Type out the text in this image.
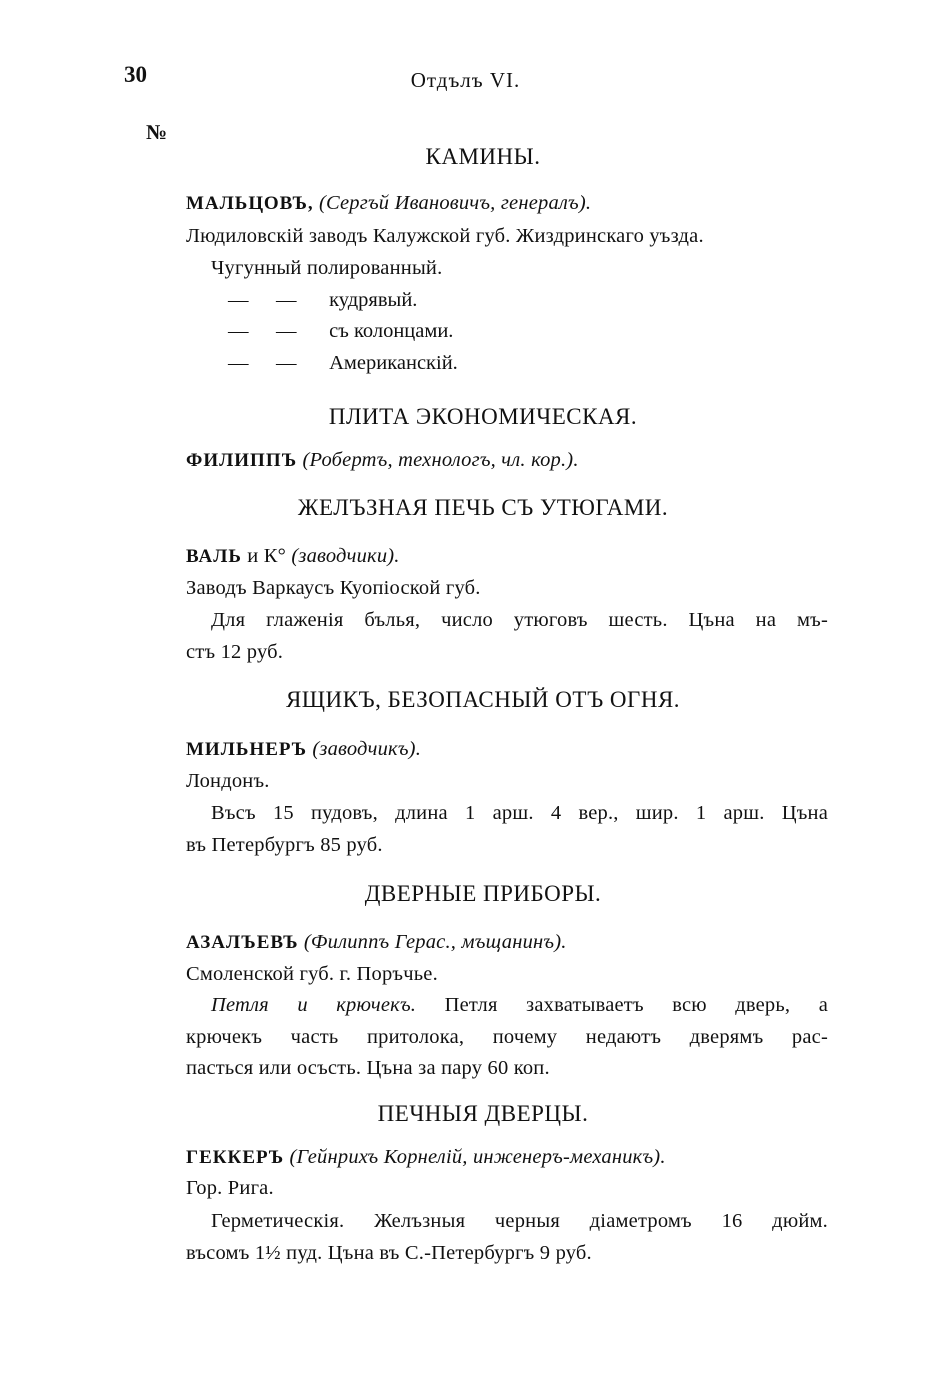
30	Отдълъ VI.
№
КАМИНЫ.
МАЛЬЦОВЪ, (Сергъй Ивановичъ, генералъ).
Людиловскій заводъ Калужской губ. Жиздринскаго уъзда.
Чугунный полированный.
— — кудрявый.
— — съ колонцами.
— — Американскій.
ПЛИТА ЭКОНОМИЧЕСКАЯ.
ФИЛИППЪ (Робертъ, технологъ, чл. кор.).
ЖЕЛЪЗНАЯ ПЕЧЬ СЪ УТЮГАМИ.
ВАЛЬ и К° (заводчики).
Заводъ Варкаусъ Куопіоской губ.
Для глаженія бълья, число утюговъ шесть. Цъна на мъ-
стъ 12 руб.
ЯЩИКЪ, БЕЗОПАСНЫЙ ОТЪ ОГНЯ.
МИЛЬНЕРЪ (заводчикъ).
Лондонъ.
Въсъ 15 пудовъ, длина 1 арш. 4 вер., шир. 1 арш. Цъна
въ Петербургъ 85 руб.
ДВЕРНЫЕ ПРИБОРЫ.
АЗАЛЪЕВЪ (Филиппъ Герас., мъщанинъ).
Смоленской губ. г. Поръчье.
Петля и крючекъ. Петля захватываетъ всю дверь, а
крючекъ часть притолока, почему недаютъ дверямъ рас-
пасться или осъсть. Цъна за пару 60 коп.
ПЕЧНЫЯ ДВЕРЦЫ.
ГЕККЕРЪ (Гейнрихъ Корнелій, инженеръ-механикъ).
Гор. Рига.
Герметическія. Желъзныя черныя діаметромъ 16 дюйм.
въсомъ 1½ пуд. Цъна въ С.-Петербургъ 9 руб.
